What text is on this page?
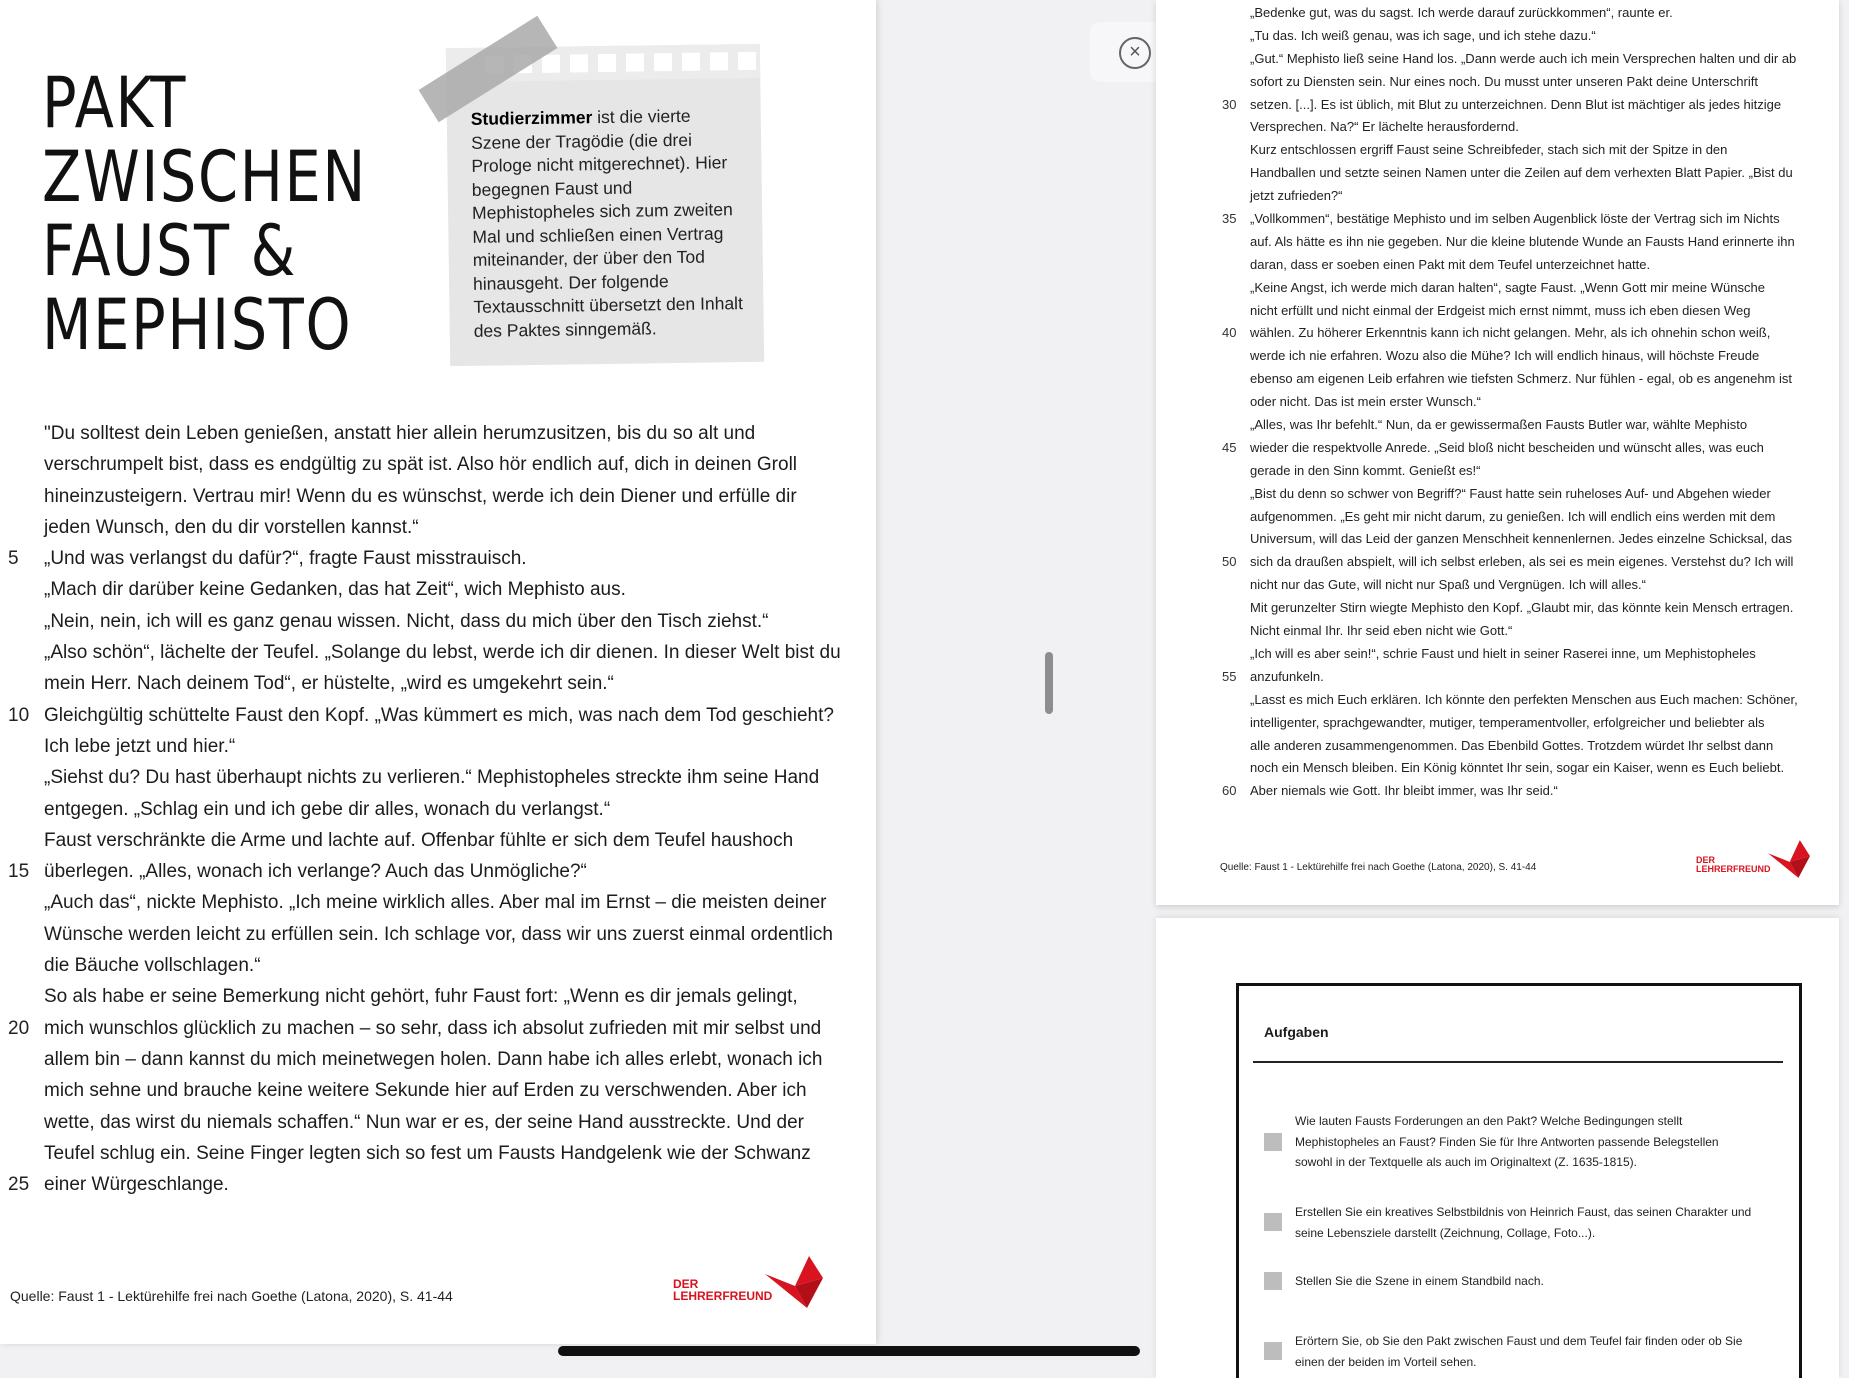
PAKT
ZWISCHEN
FAUST &
MEPHISTO
Studierzimmer ist die vierte Szene der Tragödie (die drei Prologe nicht mitgerechnet). Hier begegnen Faust und Mephistopheles sich zum zweiten Mal und schließen einen Vertrag miteinander, der über den Tod hinausgeht. Der folgende Textausschnitt übersetzt den Inhalt des Paktes sinngemäß.
"Du solltest dein Leben genießen, anstatt hier allein herumzusitzen, bis du so alt und
verschrumpelt bist, dass es endgültig zu spät ist. Also hör endlich auf, dich in deinen Groll
hineinzusteigern. Vertrau mir! Wenn du es wünschst, werde ich dein Diener und erfülle dir
jeden Wunsch, den du dir vorstellen kannst.“
5	„Und was verlangst du dafür?“, fragte Faust misstrauisch.
„Mach dir darüber keine Gedanken, das hat Zeit“, wich Mephisto aus.
„Nein, nein, ich will es ganz genau wissen. Nicht, dass du mich über den Tisch ziehst.“
„Also schön“, lächelte der Teufel. „Solange du lebst, werde ich dir dienen. In dieser Welt bist du
mein Herr. Nach deinem Tod“, er hüstelte, „wird es umgekehrt sein.“
10 Gleichgültig schüttelte Faust den Kopf. „Was kümmert es mich, was nach dem Tod geschieht?
Ich lebe jetzt und hier.“
„Siehst du? Du hast überhaupt nichts zu verlieren.“ Mephistopheles streckte ihm seine Hand
entgegen. „Schlag ein und ich gebe dir alles, wonach du verlangst.“
Faust verschränkte die Arme und lachte auf. Offenbar fühlte er sich dem Teufel haushoch
15 überlegen. „Alles, wonach ich verlange? Auch das Unmögliche?“
„Auch das“, nickte Mephisto. „Ich meine wirklich alles. Aber mal im Ernst – die meisten deiner
Wünsche werden leicht zu erfüllen sein. Ich schlage vor, dass wir uns zuerst einmal ordentlich
die Bäuche vollschlagen.“
So als habe er seine Bemerkung nicht gehört, fuhr Faust fort: „Wenn es dir jemals gelingt,
20 mich wunschlos glücklich zu machen – so sehr, dass ich absolut zufrieden mit mir selbst und
allem bin – dann kannst du mich meinetwegen holen. Dann habe ich alles erlebt, wonach ich
mich sehne und brauche keine weitere Sekunde hier auf Erden zu verschwenden. Aber ich
wette, das wirst du niemals schaffen.“ Nun war er es, der seine Hand ausstreckte. Und der
Teufel schlug ein. Seine Finger legten sich so fest um Fausts Handgelenk wie der Schwanz
25 einer Würgeschlange.
Quelle: Faust 1 - Lektürehilfe frei nach Goethe (Latona, 2020), S. 41-44
DER
LEHRERFREUND
×
„Bedenke gut, was du sagst. Ich werde darauf zurückkommen“, raunte er.
„Tu das. Ich weiß genau, was ich sage, und ich stehe dazu.“
„Gut.“ Mephisto ließ seine Hand los. „Dann werde auch ich mein Versprechen halten und dir ab
sofort zu Diensten sein. Nur eines noch. Du musst unter unseren Pakt deine Unterschrift
30	setzen. [...]. Es ist üblich, mit Blut zu unterzeichnen. Denn Blut ist mächtiger als jedes hitzige
Versprechen. Na?“ Er lächelte herausfordernd.
Kurz entschlossen ergriff Faust seine Schreibfeder, stach sich mit der Spitze in den
Handballen und setzte seinen Namen unter die Zeilen auf dem verhexten Blatt Papier. „Bist du
jetzt zufrieden?“
35	„Vollkommen“, bestätige Mephisto und im selben Augenblick löste der Vertrag sich im Nichts
auf. Als hätte es ihn nie gegeben. Nur die kleine blutende Wunde an Fausts Hand erinnerte ihn
daran, dass er soeben einen Pakt mit dem Teufel unterzeichnet hatte.
„Keine Angst, ich werde mich daran halten“, sagte Faust. „Wenn Gott mir meine Wünsche
nicht erfüllt und nicht einmal der Erdgeist mich ernst nimmt, muss ich eben diesen Weg
40	wählen. Zu höherer Erkenntnis kann ich nicht gelangen. Mehr, als ich ohnehin schon weiß,
werde ich nie erfahren. Wozu also die Mühe? Ich will endlich hinaus, will höchste Freude
ebenso am eigenen Leib erfahren wie tiefsten Schmerz. Nur fühlen - egal, ob es angenehm ist
oder nicht. Das ist mein erster Wunsch.“
„Alles, was Ihr befehlt.“ Nun, da er gewissermaßen Fausts Butler war, wählte Mephisto
45	wieder die respektvolle Anrede. „Seid bloß nicht bescheiden und wünscht alles, was euch
gerade in den Sinn kommt. Genießt es!“
„Bist du denn so schwer von Begriff?“ Faust hatte sein ruheloses Auf- und Abgehen wieder
aufgenommen. „Es geht mir nicht darum, zu genießen. Ich will endlich eins werden mit dem
Universum, will das Leid der ganzen Menschheit kennenlernen. Jedes einzelne Schicksal, das
50	sich da draußen abspielt, will ich selbst erleben, als sei es mein eigenes. Verstehst du? Ich will
nicht nur das Gute, will nicht nur Spaß und Vergnügen. Ich will alles.“
Mit gerunzelter Stirn wiegte Mephisto den Kopf. „Glaubt mir, das könnte kein Mensch ertragen.
Nicht einmal Ihr. Ihr seid eben nicht wie Gott.“
„Ich will es aber sein!“, schrie Faust und hielt in seiner Raserei inne, um Mephistopheles
55	anzufunkeln.
„Lasst es mich Euch erklären. Ich könnte den perfekten Menschen aus Euch machen: Schöner,
intelligenter, sprachgewandter, mutiger, temperamentvoller, erfolgreicher und beliebter als
alle anderen zusammengenommen. Das Ebenbild Gottes. Trotzdem würdet Ihr selbst dann
noch ein Mensch bleiben. Ein König könntet Ihr sein, sogar ein Kaiser, wenn es Euch beliebt.
60	Aber niemals wie Gott. Ihr bleibt immer, was Ihr seid.“
Quelle: Faust 1 - Lektürehilfe frei nach Goethe (Latona, 2020), S. 41-44
DER
LEHRERFREUND
Aufgaben
Wie lauten Fausts Forderungen an den Pakt? Welche Bedingungen stellt Mephistopheles an Faust? Finden Sie für Ihre Antworten passende Belegstellen sowohl in der Textquelle als auch im Originaltext (Z. 1635-1815).
Erstellen Sie ein kreatives Selbstbildnis von Heinrich Faust, das seinen Charakter und seine Lebensziele darstellt (Zeichnung, Collage, Foto...).
Stellen Sie die Szene in einem Standbild nach.
Erörtern Sie, ob Sie den Pakt zwischen Faust und dem Teufel fair finden oder ob Sie einen der beiden im Vorteil sehen.
